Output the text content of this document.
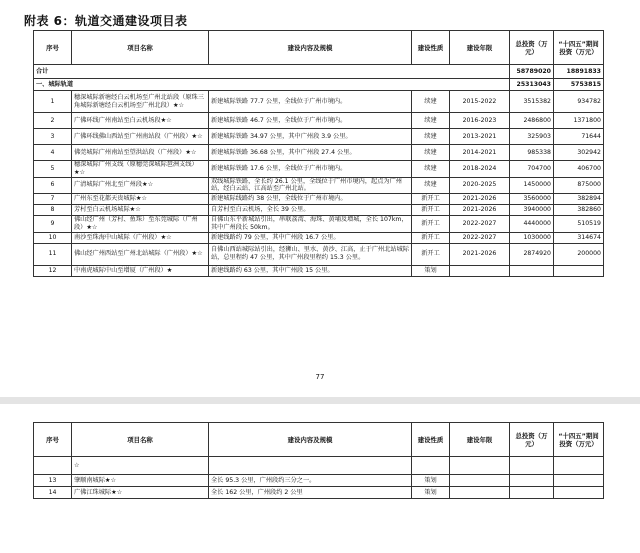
附表 6：轨道交通建设项目表
序号	项目名称	建设内容及规模	建设性质	建设年限	总投资（万元）	“十四五”期间投资（万元）
合计					58789020	18891833
一、城际轨道					25313043	5753815
1	穗深城际新塘经白云机场至广州北站段（原珠三角城际新塘经白云机场至广州北段）★☆	新建城际铁路 77.7 公里，全线位于广州市境内。	续建	2015-2022	3515382	934782
2	广佛环线广州南站至白云机场段★☆	新建城际铁路 46.7 公里，全线位于广州市境内。	续建	2016-2023	2486800	1371800
3	广佛环线佛山西站至广州南站段（广州段）★☆	新建城际铁路 34.97 公里，其中广州段 3.9 公里。	续建	2013-2021	325903	71644
4	佛莞城际广州南站至望洪站段（广州段）★☆	新建城际铁路 36.68 公里，其中广州段 27.4 公里。	续建	2014-2021	985338	302942
5	穗深城际广州支线（原穗莞深城际琶洲支线）★☆	新建城际铁路 17.6 公里，全线位于广州市境内。	续建	2018-2024	704700	406700
6	广清城际广州北至广州段★☆	双线城际铁路，全长约 26.1 公里，全线位于广州市境内，起点为广州站，经白云站、江高站至广州北站。	续建	2020-2025	1450000	875000
7	广州东至花都天贵城际★☆	新建城际线路约 38 公里，全线位于广州市境内。	新开工	2021-2026	3560000	382894
8	芳村至白云机场城际★☆	自芳村至白云机场，全长 39 公里。	新开工	2021-2026	3940000	382860
9	佛山经广州（芳村、鱼珠）至东莞城际（广州段）★☆	自佛山东平新城站引出，串联荔湾、海珠、黄埔及增城，全长 107km，其中广州段长 50km。	新开工	2022-2027	4440000	510519
10	南沙至珠海中山城际（广州段）★☆	新建线路约 79 公里，其中广州段 16.7 公里。	新开工	2022-2027	1030000	314674
11	佛山经广州西站至广州北站城际（广州段）★☆	自佛山西站城际站引出，经狮山、里水、黄沙、江高，止于广州北站城际站，总里程约 47 公里，其中广州段里程约 15.3 公里。	新开工	2021-2026	2874920	200000
12	中南虎城际中山至增厦（广州段）★	新建线路约 63 公里，其中广州段 15 公里。	策划			
77
序号	项目名称	建设内容及规模	建设性质	建设年限	总投资（万元）	“十四五”期间投资（万元）
	☆					
13	肇顺南城际★☆	全长 95.3 公里，广州段约三分之一。	策划			
14	广佛江珠城际★☆	全长 162 公里，广州段约 2 公里	策划			
